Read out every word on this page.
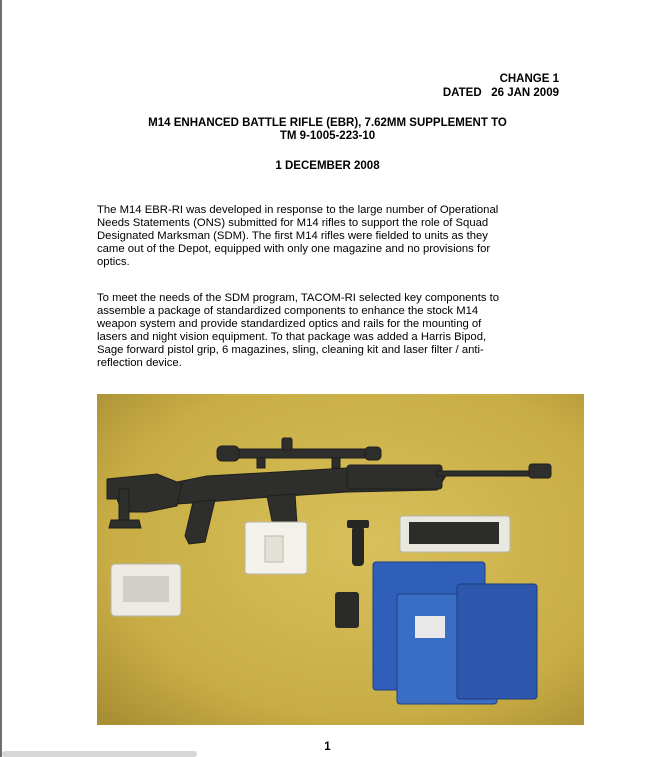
CHANGE 1
DATED   26 JAN 2009
M14 ENHANCED BATTLE RIFLE (EBR), 7.62MM SUPPLEMENT TO
TM 9-1005-223-10
1 DECEMBER 2008
The M14 EBR-RI was developed in response to the large number of Operational
Needs Statements (ONS) submitted for M14 rifles to support the role of Squad
Designated Marksman (SDM). The first M14 rifles were fielded to units as they
came out of the Depot, equipped with only one magazine and no provisions for
optics.
To meet the needs of the SDM program, TACOM-RI selected key components to
assemble a package of standardized components to enhance the stock M14
weapon system and provide standardized optics and rails for the mounting of
lasers and night vision equipment. To that package was added a Harris Bipod,
Sage forward pistol grip, 6 magazines, sling, cleaning kit and laser filter / anti-
reflection device.
1
